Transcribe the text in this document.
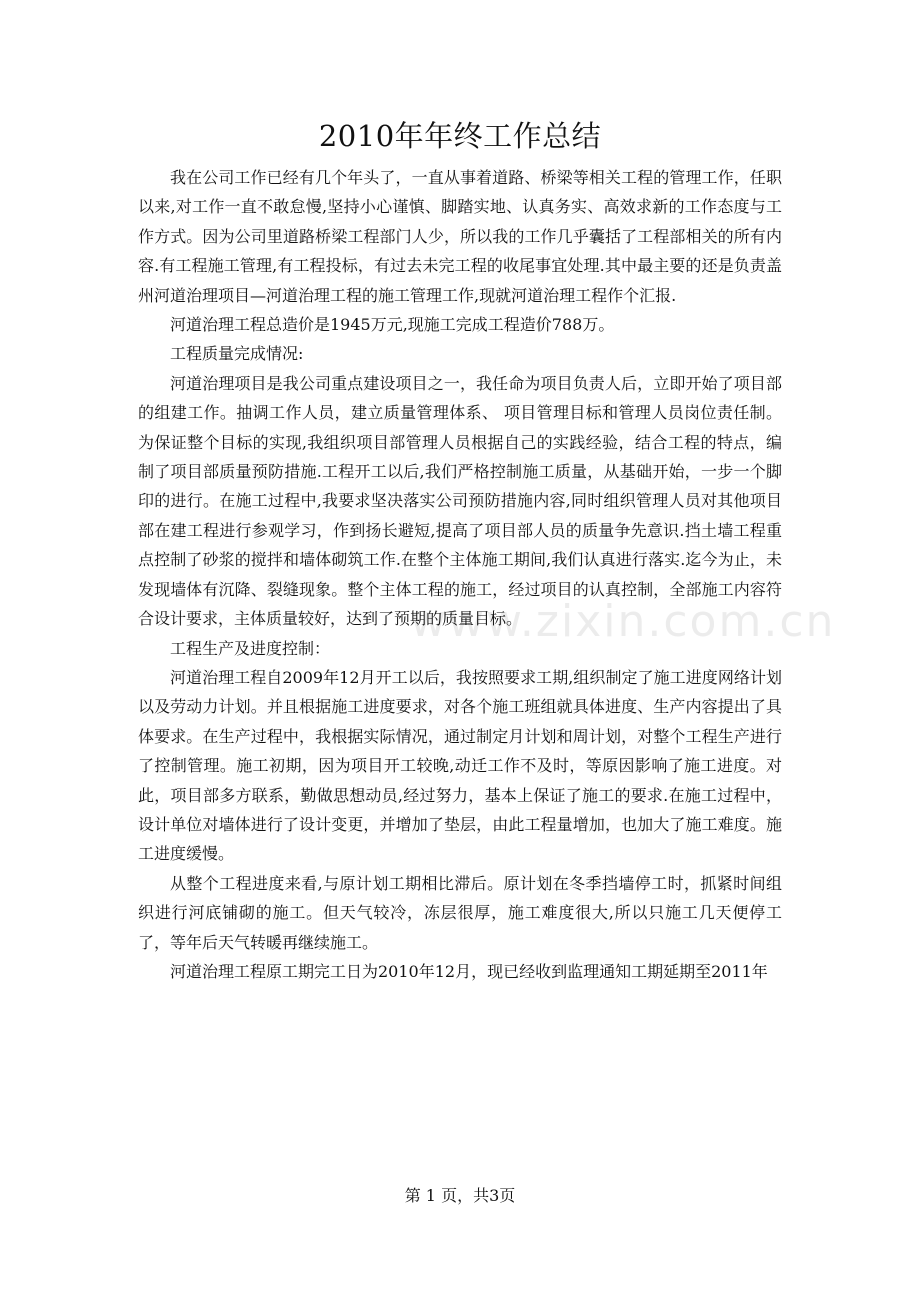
2010年年终工作总结
www.zixin.com.cn

我在公司工作已经有几个年头了，一直从事着道路、桥梁等相关工程的管理工作，任职以来,对工作一直不敢怠慢,坚持小心谨慎、脚踏实地、认真务实、高效求新的工作态度与工作方式。因为公司里道路桥梁工程部门人少，所以我的工作几乎囊括了工程部相关的所有内容.有工程施工管理,有工程投标，有过去未完工程的收尾事宜处理.其中最主要的还是负责盖州河道治理项目—河道治理工程的施工管理工作,现就河道治理工程作个汇报.

河道治理工程总造价是1945万元,现施工完成工程造价788万。

工程质量完成情况:

河道治理项目是我公司重点建设项目之一，我任命为项目负责人后，立即开始了项目部的组建工作。抽调工作人员，建立质量管理体系、 项目管理目标和管理人员岗位责任制。为保证整个目标的实现,我组织项目部管理人员根据自己的实践经验，结合工程的特点，编制了项目部质量预防措施.工程开工以后,我们严格控制施工质量，从基础开始，一步一个脚印的进行。在施工过程中,我要求坚决落实公司预防措施内容,同时组织管理人员对其他项目部在建工程进行参观学习，作到扬长避短,提高了项目部人员的质量争先意识.挡土墙工程重点控制了砂浆的搅拌和墙体砌筑工作.在整个主体施工期间,我们认真进行落实.迄今为止，未发现墙体有沉降、裂缝现象。整个主体工程的施工，经过项目的认真控制，全部施工内容符合设计要求，主体质量较好，达到了预期的质量目标。

工程生产及进度控制：

河道治理工程自2009年12月开工以后，我按照要求工期,组织制定了施工进度网络计划以及劳动力计划。并且根据施工进度要求，对各个施工班组就具体进度、生产内容提出了具体要求。在生产过程中，我根据实际情况，通过制定月计划和周计划，对整个工程生产进行了控制管理。施工初期，因为项目开工较晚,动迁工作不及时，等原因影响了施工进度。对此，项目部多方联系，勤做思想动员,经过努力，基本上保证了施工的要求.在施工过程中，设计单位对墙体进行了设计变更，并增加了垫层，由此工程量增加，也加大了施工难度。施工进度缓慢。

从整个工程进度来看,与原计划工期相比滞后。原计划在冬季挡墙停工时，抓紧时间组织进行河底铺砌的施工。但天气较冷，冻层很厚，施工难度很大,所以只施工几天便停工了，等年后天气转暖再继续施工。

河道治理工程原工期完工日为2010年12月，现已经收到监理通知工期延期至2011年

第 1 页，共3页
